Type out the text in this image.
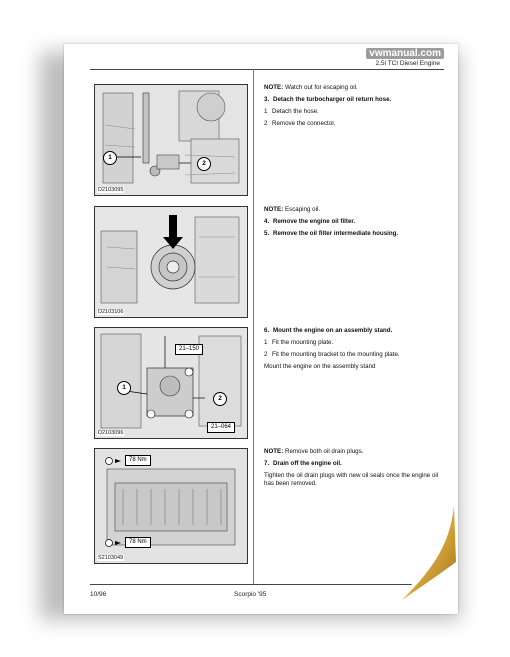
vwmanual.com
2,5l TCI Diesel Engine
1
2
D2103095
D2103106
21–150
21–064
1
2
D2103096
78 Nm
78 Nm
S2103049

NOTE: Watch out for escaping oil.

3. Detach the turbocharger oil return hose.

1 Detach the hose.

2 Remove the connector.

NOTE: Escaping oil.

4. Remove the engine oil filter.

5. Remove the oil filter intermediate housing.

6. Mount the engine on an assembly stand.

1 Fit the mounting plate.

2 Fit the mounting bracket to the mounting plate.

Mount the engine on the assembly stand

NOTE: Remove both oil drain plugs.

7. Drain off the engine oil.

Tighten the oil drain plugs with new oil seals once the engine oil has been removed.

10/96	Scorpio '95
